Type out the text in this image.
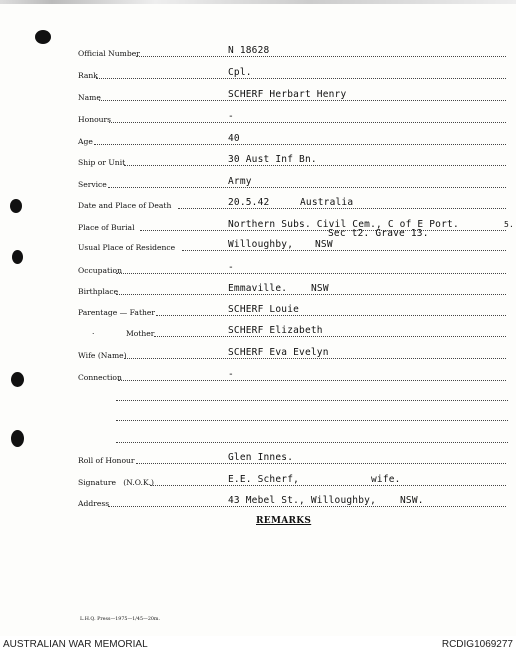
Official Number	N 18628
Rank	Cpl.
Name	SCHERF Herbart Henry
Honours	-
Age	40
Ship or Unit	30 Aust Inf Bn.
Service	Army
Date and Place of Death	20.5.42	Australia
Place of Burial	Northern Subs. Civil Cem., C of E Port.
Sec t2. Grave 13.
5.
Usual Place of Residence	Willoughby, NSW
Occupation	-
Birthplace	Emmaville.	NSW
Parentage — Father	SCHERF Louie
·	Mother	SCHERF Elizabeth
Wife (Name)	SCHERF Eva Evelyn
Connection	-
Roll of Honour	Glen Innes.
Signature   (N.O.K.)	E.E. Scherf,	wife.
Address	43 Mebel St., Willoughby,	NSW.
REMARKS
L.H.Q. Press—1975—1/45—20m.
AUSTRALIAN WAR MEMORIAL	RCDIG1069277
